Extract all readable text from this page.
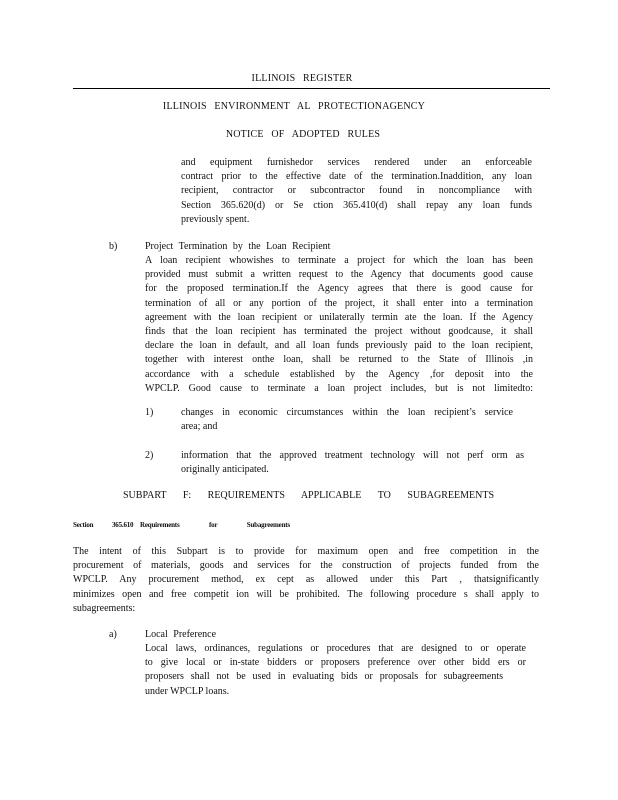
ILLINOIS REGISTER
ILLINOIS ENVIRONMENT AL PROTECTIONAGENCY
NOTICE OF ADOPTED RULES
and equipment furnishedor services rendered under an enforceable
contract prior to the effective date of the termination.Inaddition, any loan
recipient, contractor or subcontractor found in noncompliance with
Section 365.620(d) or Se ction 365.410(d) shall repay any loan funds
previously spent.
b)	Project Termination by the Loan Recipient
A loan recipient whowishes to terminate a project for which the loan has been
provided must submit a written request to the Agency that documents good cause
for the proposed termination.If the Agency agrees that there is good cause for
termination of all or any portion of the project, it shall enter into a termination
agreement with the loan recipient or unilaterally termin ate the loan. If the Agency
finds that the loan recipient has terminated the project without goodcause, it shall
declare the loan in default, and all loan funds previously paid to the loan recipient,
together with interest onthe loan, shall be returned to the State of Illinois ,in
accordance with a schedule established by the Agency ,for deposit into the
WPCLP. Good cause to terminate a loan project includes, but is not limitedto:
1)	changes in economic circumstances within the loan recipient’s service
area; and
2)	information that the approved treatment technology will not perf orm as
originally anticipated.
SUBPART F: REQUIREMENTS APPLICABLE TO SUBAGREEMENTS
Section	365.610 Requirements for Subagreements
The intent of this Subpart is to provide for maximum open and free competition in the
procurement of materials, goods and services for the construction of projects funded from the
WPCLP. Any procurement method, ex cept as allowed under this Part , thatsignificantly
minimizes open and free competit ion will be prohibited. The following procedure s shall apply to
subagreements:
a)	Local Preference
Local laws, ordinances, regulations or procedures that are designed to or operate
to give local or in-state bidders or proposers preference over other bidd ers or
proposers shall not be used in evaluating bids or proposals for subagreements
under WPCLP loans.
